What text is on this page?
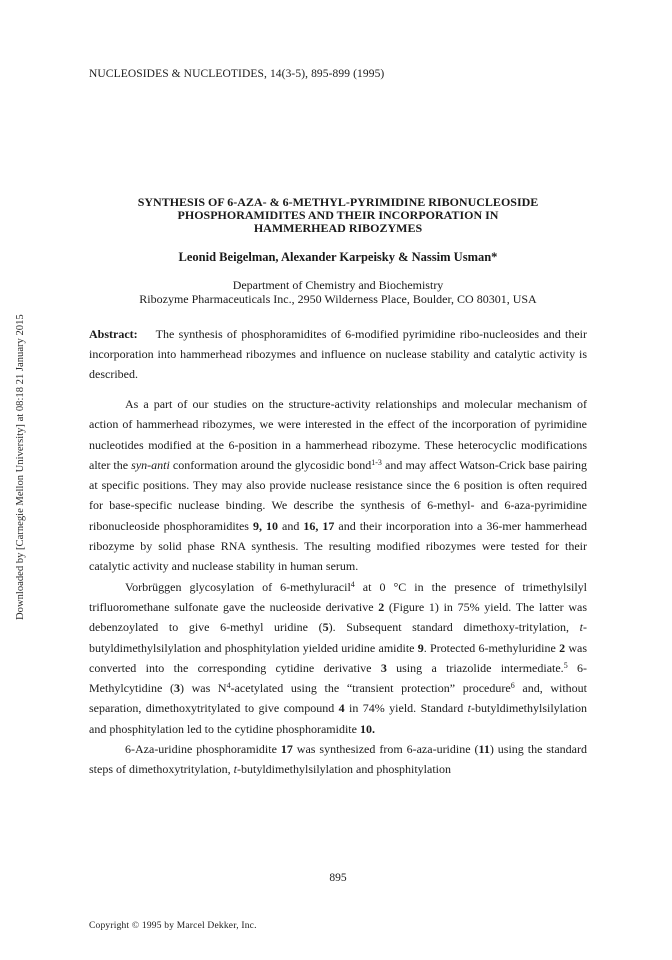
NUCLEOSIDES & NUCLEOTIDES, 14(3-5), 895-899 (1995)
Downloaded by [Carnegie Mellon University] at 08:18 21 January 2015
SYNTHESIS OF 6-AZA- & 6-METHYL-PYRIMIDINE RIBONUCLEOSIDE
PHOSPHORAMIDITES AND THEIR INCORPORATION IN
HAMMERHEAD RIBOZYMES
Leonid Beigelman, Alexander Karpeisky & Nassim Usman*
Department of Chemistry and Biochemistry
Ribozyme Pharmaceuticals Inc., 2950 Wilderness Place, Boulder, CO 80301, USA
Abstract: The synthesis of phosphoramidites of 6-modified pyrimidine ribo-nucleosides and their incorporation into hammerhead ribozymes and influence on nuclease stability and catalytic activity is described.

As a part of our studies on the structure-activity relationships and molecular mechanism of action of hammerhead ribozymes, we were interested in the effect of the incorporation of pyrimidine nucleotides modified at the 6-position in a hammerhead ribozyme. These heterocyclic modifications alter the syn-anti conformation around the glycosidic bond$^{1-3}$ and may affect Watson-Crick base pairing at specific positions. They may also provide nuclease resistance since the 6 position is often required for base-specific nuclease binding. We describe the synthesis of 6-methyl- and 6-aza-pyrimidine ribonucleoside phosphoramidites 9, 10 and 16, 17 and their incorporation into a 36-mer hammerhead ribozyme by solid phase RNA synthesis. The resulting modified ribozymes were tested for their catalytic activity and nuclease stability in human serum.

Vorbrüggen glycosylation of 6-methyluracil$^4$ at 0 °C in the presence of trimethylsilyl trifluoromethane sulfonate gave the nucleoside derivative 2 (Figure 1) in 75% yield. The latter was debenzoylated to give 6-methyl uridine (5). Subsequent standard dimethoxy-tritylation, t-butyldimethylsilylation and phosphitylation yielded uridine amidite 9. Protected 6-methyluridine 2 was converted into the corresponding cytidine derivative 3 using a triazolide intermediate.$^5$ 6-Methylcytidine (3) was $N^4$-acetylated using the “transient protection” procedure$^6$ and, without separation, dimethoxytritylated to give compound 4 in 74% yield. Standard t-butyldimethylsilylation and phosphitylation led to the cytidine phosphoramidite 10.

6-Aza-uridine phosphoramidite 17 was synthesized from 6-aza-uridine (11) using the standard steps of dimethoxytritylation, t-butyldimethylsilylation and phosphitylation

895
Copyright © 1995 by Marcel Dekker, Inc.
